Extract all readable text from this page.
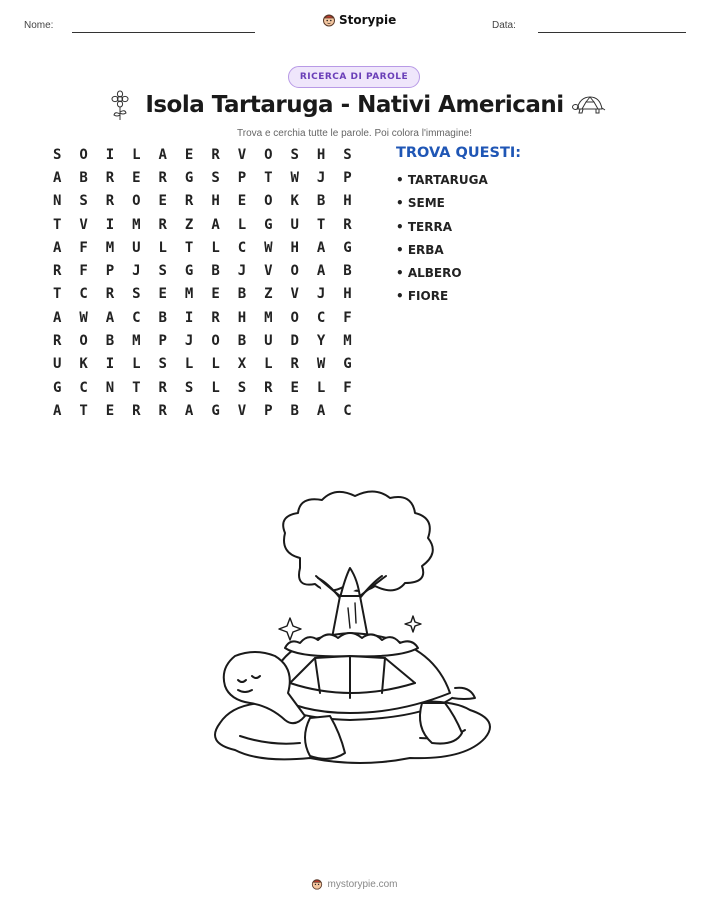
Nome:	Storypie	Data:
RICERCA DI PAROLE
Isola Tartaruga - Nativi Americani
Trova e cerchia tutte le parole. Poi colora l'immagine!
S	O	I	L	A	E	R	V	O	S	H	S
A	B	R	E	R	G	S	P	T	W	J	P
N	S	R	O	E	R	H	E	O	K	B	H
T	V	I	M	R	Z	A	L	G	U	T	R
A	F	M	U	L	T	L	C	W	H	A	G
R	F	P	J	S	G	B	J	V	O	A	B
T	C	R	S	E	M	E	B	Z	V	J	H
A	W	A	C	B	I	R	H	M	O	C	F
R	O	B	M	P	J	O	B	U	D	Y	M
U	K	I	L	S	L	L	X	L	R	W	G
G	C	N	T	R	S	L	S	R	E	L	F
A	T	E	R	R	A	G	V	P	B	A	C
TROVA QUESTI:
• TARTARUGA
• SEME
• TERRA
• ERBA
• ALBERO
• FIORE
mystorypie.com
